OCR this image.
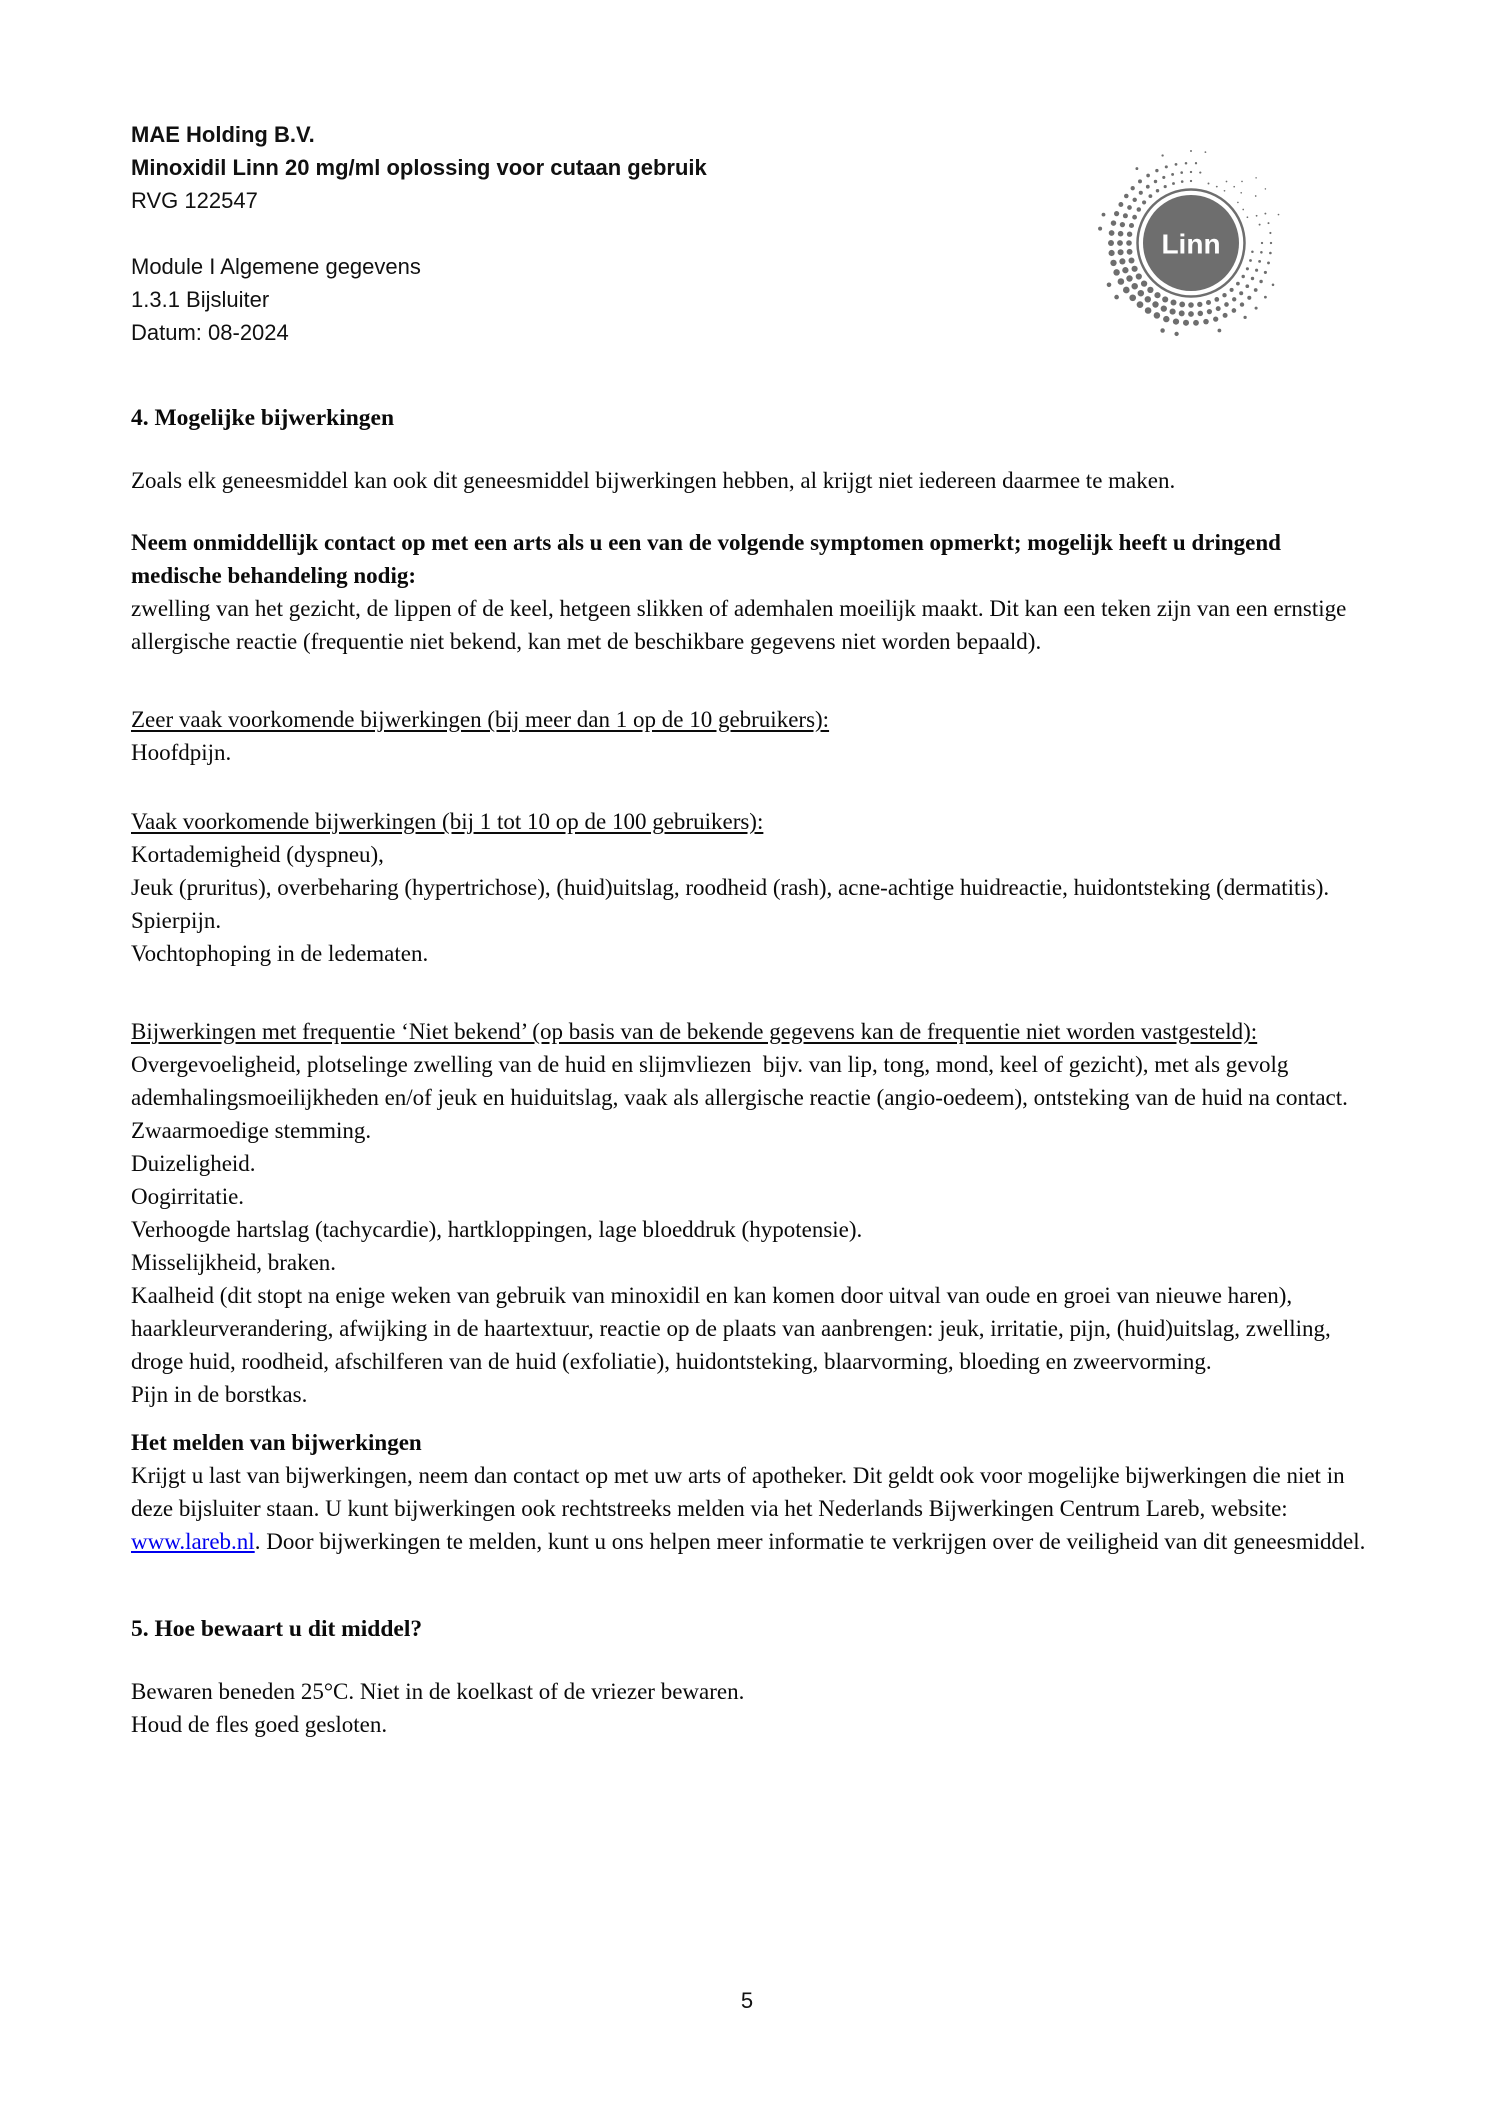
MAE Holding B.V.
Minoxidil Linn 20 mg/ml oplossing voor cutaan gebruik
RVG 122547
Module I Algemene gegevens
1.3.1 Bijsluiter
Datum: 08-2024
Linn
4. Mogelijke bijwerkingen

Zoals elk geneesmiddel kan ook dit geneesmiddel bijwerkingen hebben, al krijgt niet iedereen daarmee te maken.

Neem onmiddellijk contact op met een arts als u een van de volgende symptomen opmerkt; mogelijk heeft u dringend medische behandeling nodig:
zwelling van het gezicht, de lippen of de keel, hetgeen slikken of ademhalen moeilijk maakt. Dit kan een teken zijn van een ernstige allergische reactie (frequentie niet bekend, kan met de beschikbare gegevens niet worden bepaald).
Zeer vaak voorkomende bijwerkingen (bij meer dan 1 op de 10 gebruikers):
Hoofdpijn.
Vaak voorkomende bijwerkingen (bij 1 tot 10 op de 100 gebruikers):
Kortademigheid (dyspneu),
Jeuk (pruritus), overbeharing (hypertrichose), (huid)uitslag, roodheid (rash), acne-achtige huidreactie, huidontsteking (dermatitis).
Spierpijn.
Vochtophoping in de ledematen.
Bijwerkingen met frequentie ‘Niet bekend’ (op basis van de bekende gegevens kan de frequentie niet worden vastgesteld):
Overgevoeligheid, plotselinge zwelling van de huid en slijmvliezen  bijv. van lip, tong, mond, keel of gezicht), met als gevolg ademhalingsmoeilijkheden en/of jeuk en huiduitslag, vaak als allergische reactie (angio-oedeem), ontsteking van de huid na contact.
Zwaarmoedige stemming.
Duizeligheid.
Oogirritatie.
Verhoogde hartslag (tachycardie), hartkloppingen, lage bloeddruk (hypotensie).
Misselijkheid, braken.
Kaalheid (dit stopt na enige weken van gebruik van minoxidil en kan komen door uitval van oude en groei van nieuwe haren), haarkleurverandering, afwijking in de haartextuur, reactie op de plaats van aanbrengen: jeuk, irritatie, pijn, (huid)uitslag, zwelling, droge huid, roodheid, afschilferen van de huid (exfoliatie), huidontsteking, blaarvorming, bloeding en zweervorming.
Pijn in de borstkas.
Het melden van bijwerkingen

Krijgt u last van bijwerkingen, neem dan contact op met uw arts of apotheker. Dit geldt ook voor mogelijke bijwerkingen die niet in deze bijsluiter staan. U kunt bijwerkingen ook rechtstreeks melden via het Nederlands Bijwerkingen Centrum Lareb, website: www.lareb.nl. Door bijwerkingen te melden, kunt u ons helpen meer informatie te verkrijgen over de veiligheid van dit geneesmiddel.

5. Hoe bewaart u dit middel?
Bewaren beneden 25°C. Niet in de koelkast of de vriezer bewaren.
Houd de fles goed gesloten.
5
